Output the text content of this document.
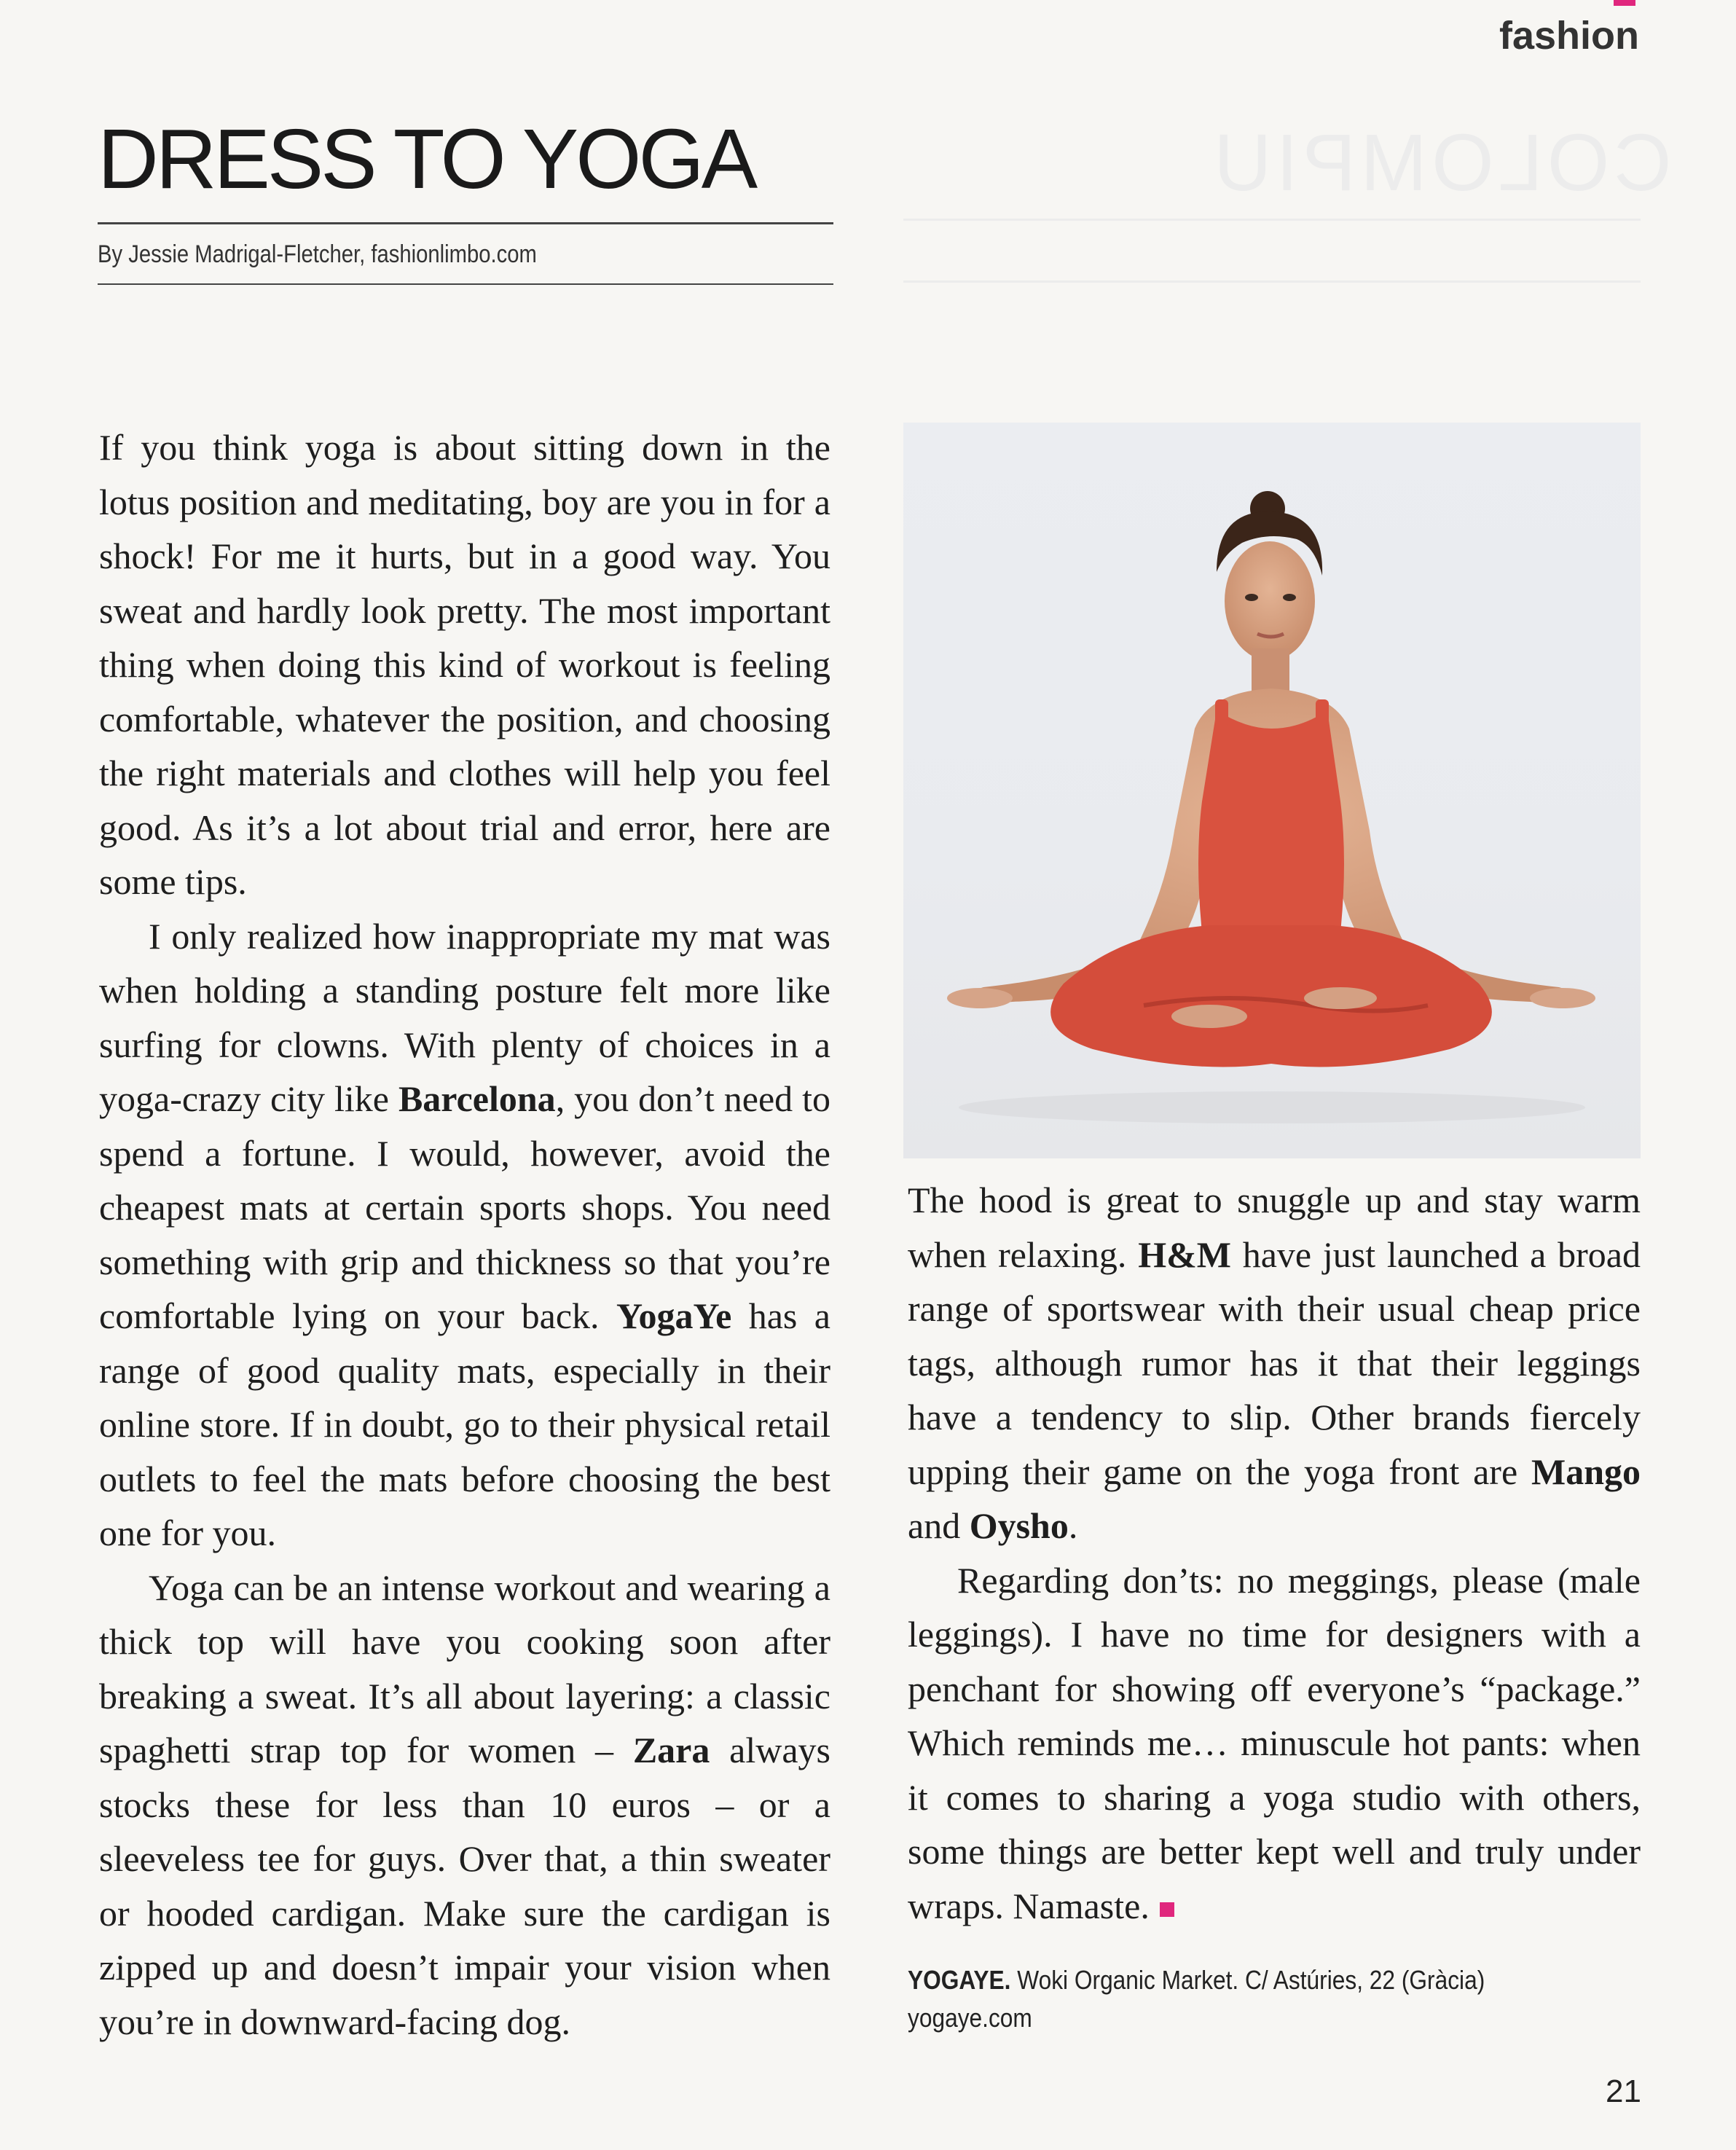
COLOMPIU
fashion
DRESS TO YOGA
By Jessie Madrigal-Fletcher, fashionlimbo.com

If you think yoga is about sitting down in the lotus position and meditating, boy are you in for a shock! For me it hurts, but in a good way. You sweat and hardly look pretty. The most important thing when doing this kind of workout is feeling comfortable, whatever the position, and choosing the right materials and clothes will help you feel good. As it’s a lot about trial and error, here are some tips.

I only realized how inappropriate my mat was when holding a standing posture felt more like surfing for clowns. With plenty of choices in a yoga-crazy city like Barcelona, you don’t need to spend a fortune. I would, however, avoid the cheapest mats at certain sports shops. You need something with grip and thickness so that you’re comfortable lying on your back. YogaYe has a range of good quality mats, especially in their online store. If in doubt, go to their physical retail outlets to feel the mats before choosing the best one for you.

Yoga can be an intense workout and wearing a thick top will have you cooking soon after breaking a sweat. It’s all about layering: a classic spaghetti strap top for women – Zara always stocks these for less than 10 euros – or a sleeveless tee for guys. Over that, a thin sweater or hooded cardigan. Make sure the cardigan is zipped up and doesn’t impair your vision when you’re in downward-facing dog.

The hood is great to snuggle up and stay warm when relaxing. H&M have just launched a broad range of sportswear with their usual cheap price tags, although rumor has it that their leggings have a tendency to slip. Other brands fiercely upping their game on the yoga front are Mango and Oysho.

Regarding don’ts: no meggings, please (male leggings). I have no time for designers with a penchant for showing off everyone’s “package.” Which reminds me… minuscule hot pants: when it comes to sharing a yoga studio with others, some things are better kept well and truly under wraps. Namaste.

YOGAYE. Woki Organic Market. C/ Astúries, 22 (Gràcia)
yogaye.com
21
